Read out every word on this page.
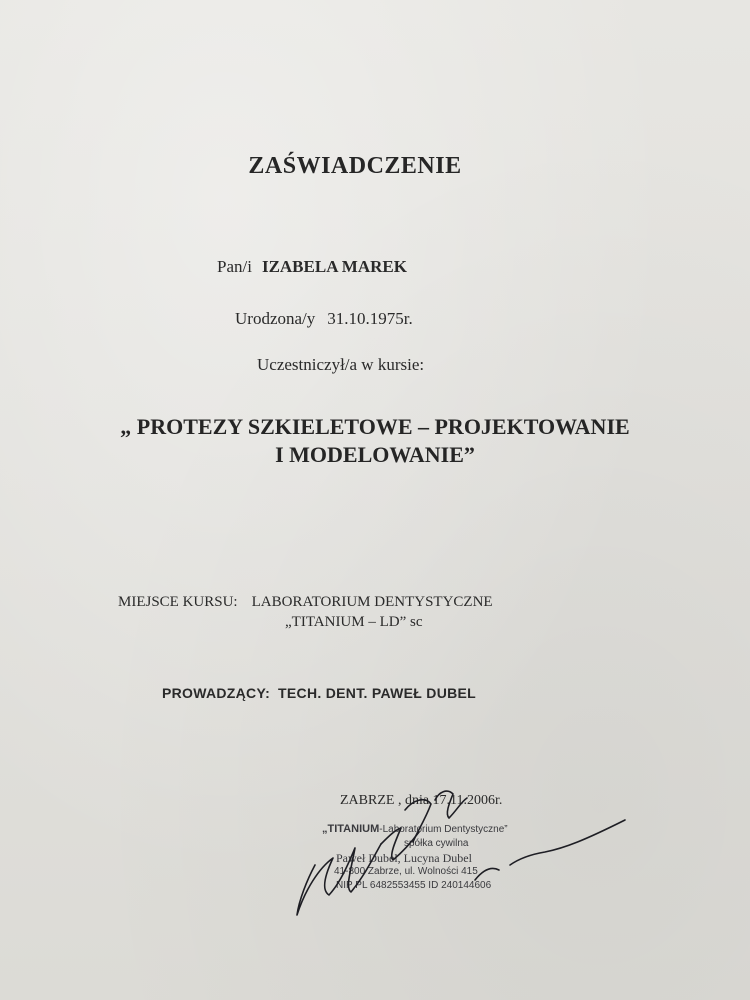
ZAŚWIADCZENIE
Pan/i IZABELA MAREK
Urodzona/y 31.10.1975r.
Uczestniczył/a w kursie:
„ PROTEZY SZKIELETOWE – PROJEKTOWANIE
I MODELOWANIE”
MIEJSCE KURSU: LABORATORIUM DENTYSTYCZNE
„TITANIUM – LD” sc
PROWADZĄCY: TECH. DENT. PAWEŁ DUBEL
ZABRZE , dnia 17.11.2006r.
„TITANIUM-Laboratorium Dentystyczne”
spółka cywilna
Paweł Dubel, Lucyna Dubel
41-800 Zabrze, ul. Wolności 415
NIP PL 6482553455 ID 240144606
